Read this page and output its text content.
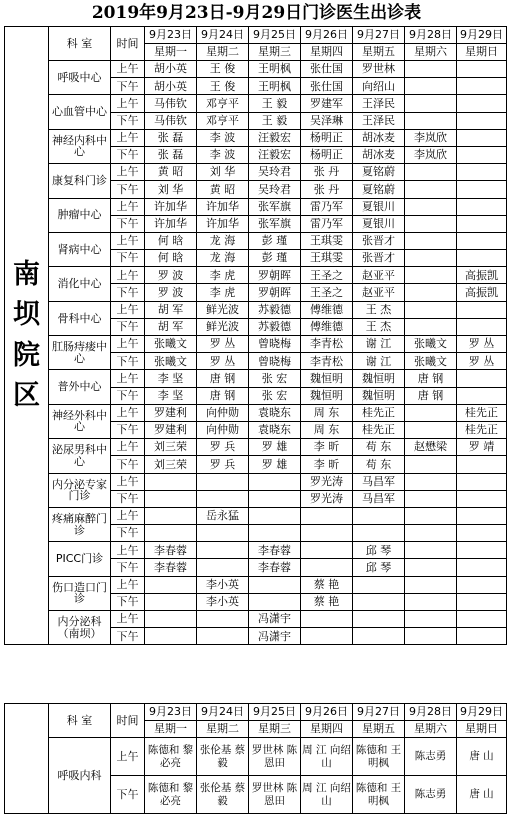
2019年9月23日-9月29日门诊医生出诊表
南
坝
院
区	科 室	时间	9月23日	9月24日	9月25日	9月26日	9月27日	9月28日	9月29日
			星期一	星期二	星期三	星期四	星期五	星期六	星期日
	呼吸中心	上午	胡小英	王 俊	王明枫	张仕国	罗世林		
		下午	胡小英	王 俊	王明枫	张仕国	向绍山		
	心血管中心	上午	马伟钦	邓亨平	王 毅	罗建军	王泽民		
		下午	马伟钦	邓亨平	王 毅	吴泽琳	王泽民		
	神经内科中心	上午	张 磊	李 波	汪毅宏	杨明正	胡冰麦	李岚欣	
		下午	张 磊	李 波	汪毅宏	杨明正	胡冰麦	李岚欣	
	康复科门诊	上午	黄 昭	刘 华	吴玲君	张 丹	夏铭蔚		
		下午	刘 华	黄 昭	吴玲君	张 丹	夏铭蔚		
	肿瘤中心	上午	许加华	许加华	张军旗	雷乃军	夏银川		
		下午	许加华	许加华	张军旗	雷乃军	夏银川		
	肾病中心	上午	何 晗	龙 海	彭 瑾	王琪雯	张晋才		
		下午	何 晗	龙 海	彭 瑾	王琪雯	张晋才		
	消化中心	上午	罗 波	李 虎	罗朝晖	王圣之	赵亚平		高振凯
		下午	罗 波	李 虎	罗朝晖	王圣之	赵亚平		高振凯
	骨科中心	上午	胡 军	鲜光波	苏毅德	傅维德	王 杰		
		下午	胡 军	鲜光波	苏毅德	傅维德	王 杰		
	肛肠痔瘘中心	上午	张曦文	罗 丛	曾晓梅	李青松	谢 江	张曦文	罗 丛
		下午	张曦文	罗 丛	曾晓梅	李青松	谢 江	张曦文	罗 丛
	普外中心	上午	李 坚	唐 钢	张 宏	魏恒明	魏恒明	唐 钢	
		下午	李 坚	唐 钢	张 宏	魏恒明	魏恒明	唐 钢	
	神经外科中心	上午	罗建利	向仲勋	袁晓东	周 东	桂先正		桂先正
		下午	罗建利	向仲勋	袁晓东	周 东	桂先正		桂先正
	泌尿男科中心	上午	刘三荣	罗 兵	罗 雄	李 昕	苟 东	赵懋梁	罗 靖
		下午	刘三荣	罗 兵	罗 雄	李 昕	苟 东		
	内分泌专家门诊	上午				罗光涛	马昌军		
		下午				罗光涛	马昌军		
	疼痛麻醉门诊	上午		岳永猛					
		下午							
	PICC门诊	上午	李春蓉		李春蓉		邱 琴		
		下午	李春蓉		李春蓉		邱 琴		
	伤口造口门诊	上午		李小英		蔡 艳			
		下午		李小英		蔡 艳			
	内分泌科（南坝）	上午			冯潇宇				
		下午			冯潇宇				
	科 室	时间	9月23日	9月24日	9月25日	9月26日	9月27日	9月28日	9月29日
			星期一	星期二	星期三	星期四	星期五	星期六	星期日
	呼吸内科	上午	陈德和 黎必亮	张伦基 蔡 毅	罗世林 陈恩田	周 江 向绍山	陈德和 王明枫	陈志勇	唐 山
		下午	陈德和 黎必亮	张伦基 蔡 毅	罗世林 陈恩田	周 江 向绍山	陈德和 王明枫	陈志勇	唐 山
